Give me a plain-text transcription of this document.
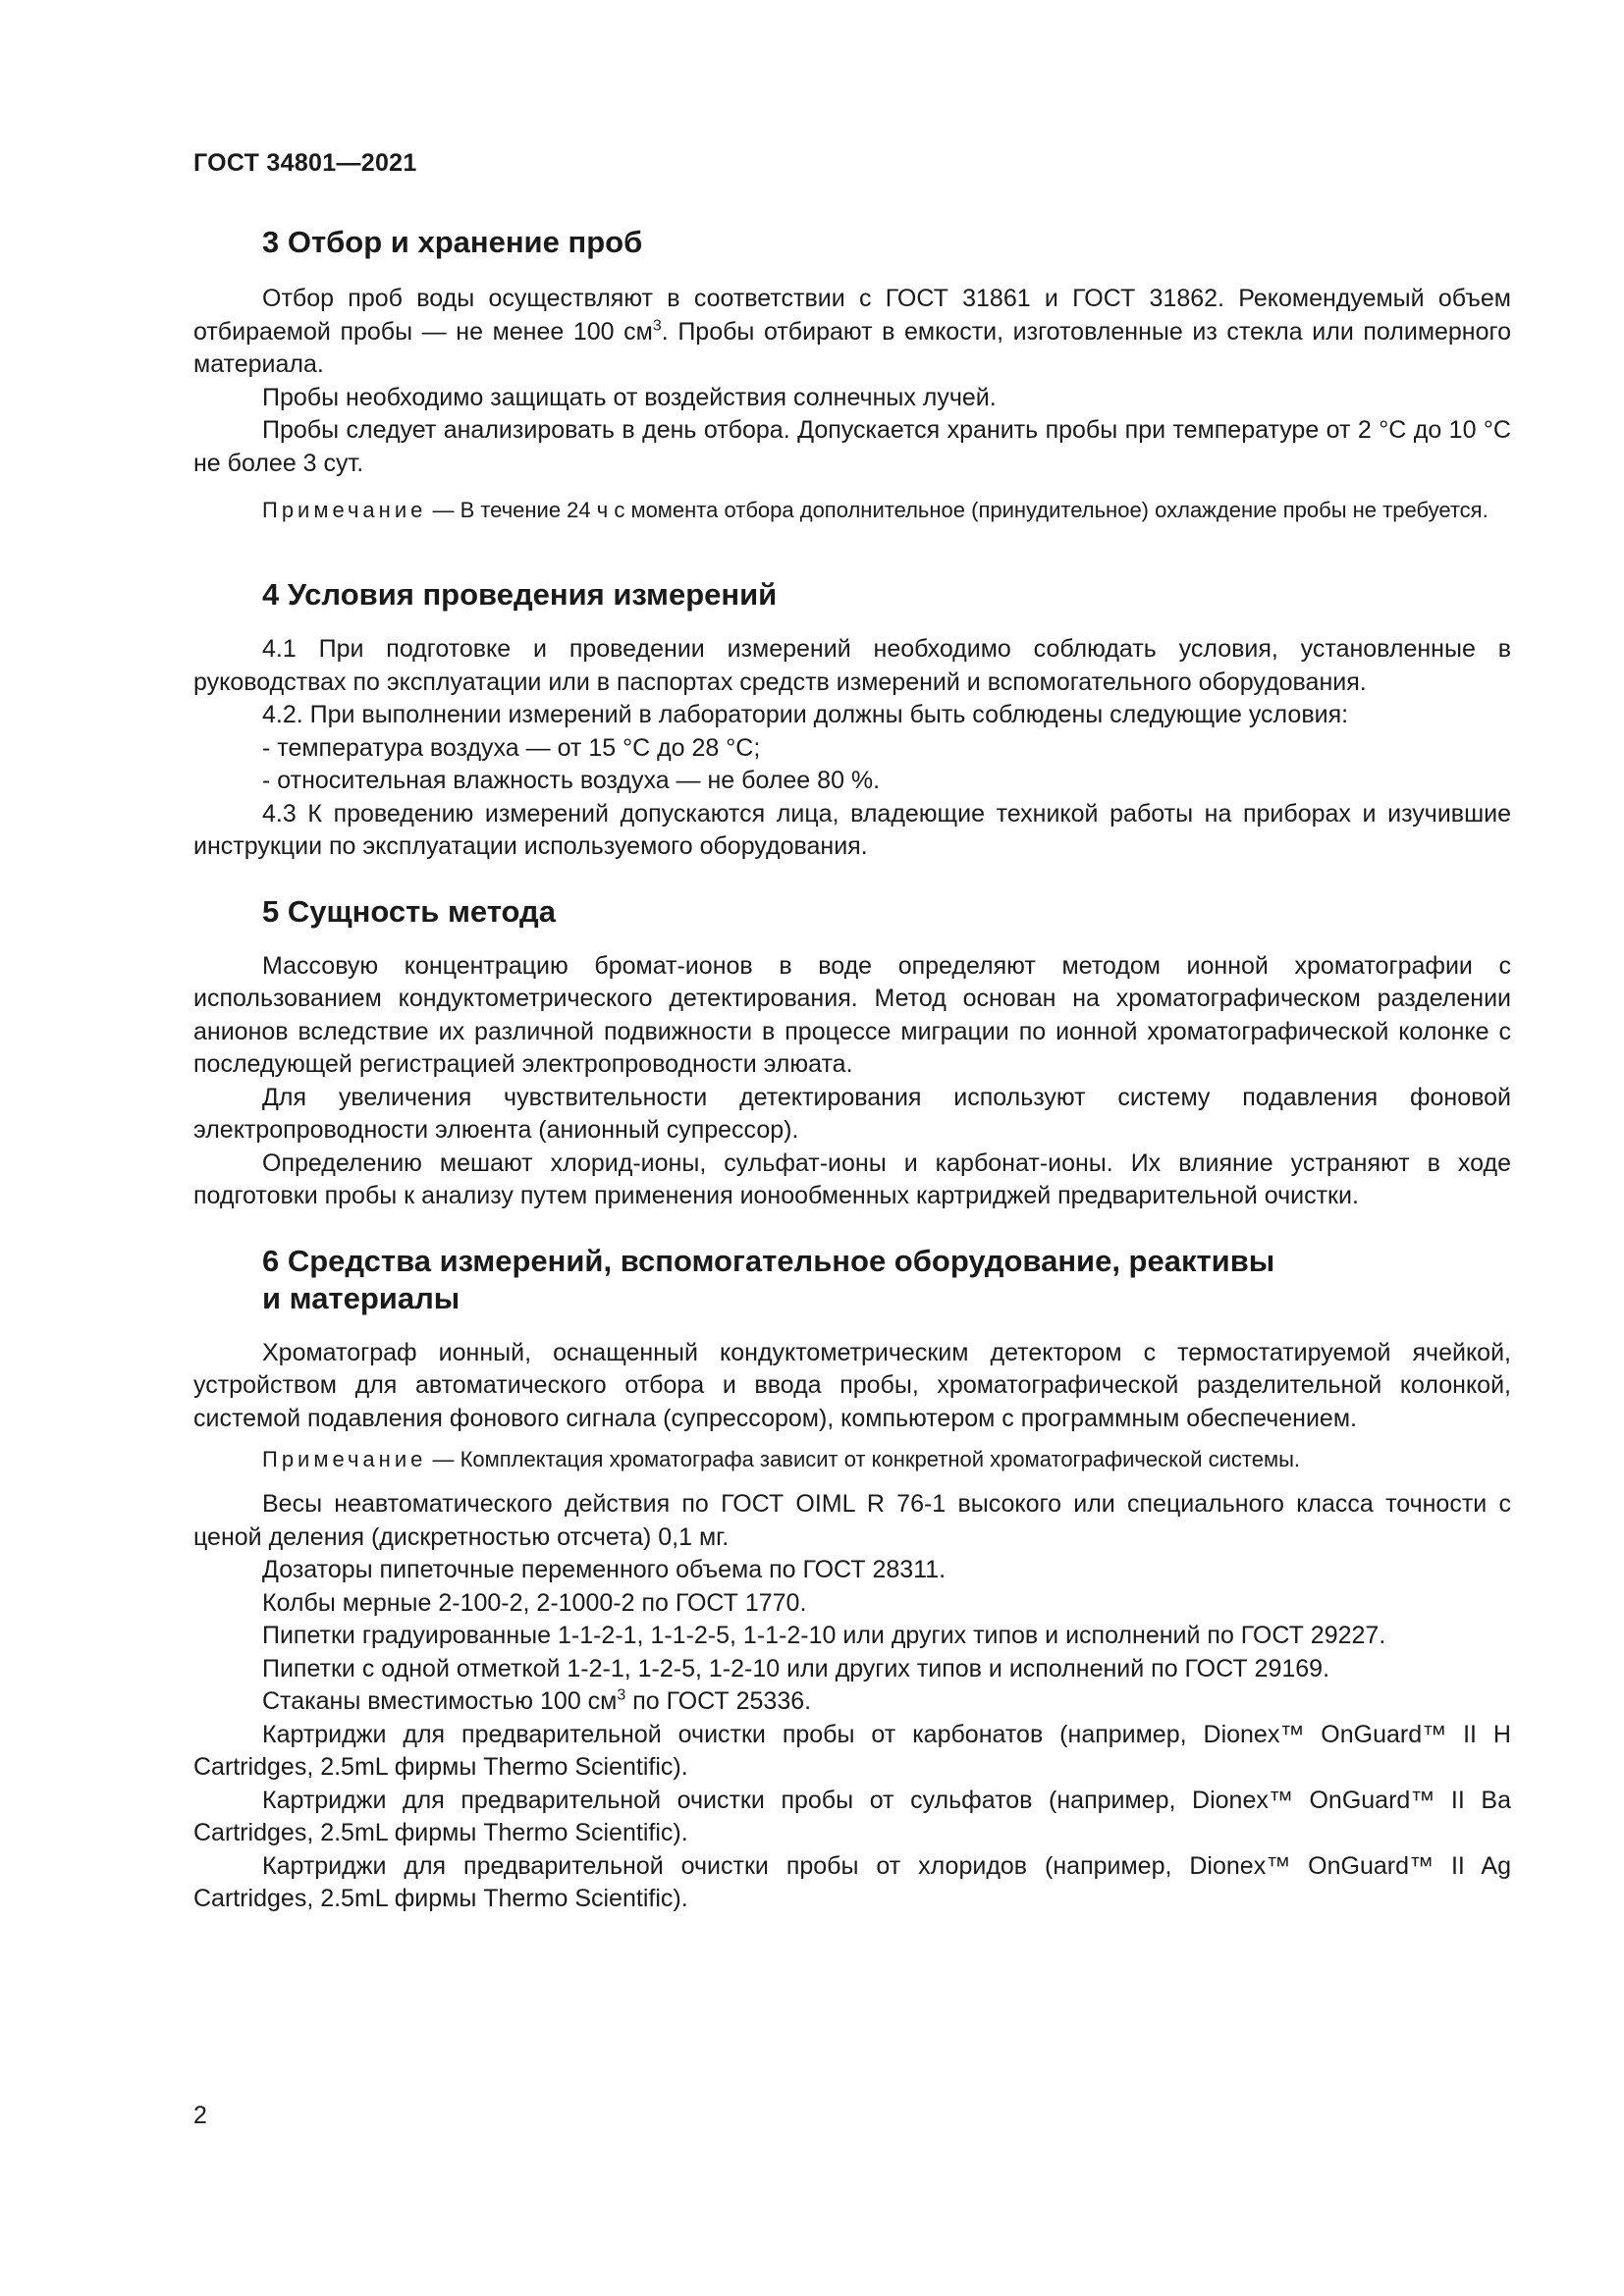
ГОСТ 34801—2021
3 Отбор и хранение проб

Отбор проб воды осуществляют в соответствии с ГОСТ 31861 и ГОСТ 31862. Рекомендуемый объем отбираемой пробы — не менее 100 $см^3$. Пробы отбирают в емкости, изготовленные из стекла или полимерного материала.

Пробы необходимо защищать от воздействия солнечных лучей.

Пробы следует анализировать в день отбора. Допускается хранить пробы при температуре от 2 °С до 10 °С не более 3 сут.

Примечание — В течение 24 ч с момента отбора дополнительное (принудительное) охлаждение пробы не требуется.

4 Условия проведения измерений

4.1 При подготовке и проведении измерений необходимо соблюдать условия, установленные в руководствах по эксплуатации или в паспортах средств измерений и вспомогательного оборудования.

4.2. При выполнении измерений в лаборатории должны быть соблюдены следующие условия:

- температура воздуха — от 15 °С до 28 °С;

- относительная влажность воздуха — не более 80 %.

4.3 К проведению измерений допускаются лица, владеющие техникой работы на приборах и изучившие инструкции по эксплуатации используемого оборудования.

5 Сущность метода

Массовую концентрацию бромат-ионов в воде определяют методом ионной хроматографии с использованием кондуктометрического детектирования. Метод основан на хроматографическом разделении анионов вследствие их различной подвижности в процессе миграции по ионной хроматографической колонке с последующей регистрацией электропроводности элюата.

Для увеличения чувствительности детектирования используют систему подавления фоновой электропроводности элюента (анионный супрессор).

Определению мешают хлорид-ионы, сульфат-ионы и карбонат-ионы. Их влияние устраняют в ходе подготовки пробы к анализу путем применения ионообменных картриджей предварительной очистки.

6 Средства измерений, вспомогательное оборудование, реактивы
и материалы

Хроматограф ионный, оснащенный кондуктометрическим детектором с термостатируемой ячейкой, устройством для автоматического отбора и ввода пробы, хроматографической разделительной колонкой, системой подавления фонового сигнала (супрессором), компьютером с программным обеспечением.

Примечание — Комплектация хроматографа зависит от конкретной хроматографической системы.

Весы неавтоматического действия по ГОСТ OIML R 76-1 высокого или специального класса точности с ценой деления (дискретностью отсчета) 0,1 мг.

Дозаторы пипеточные переменного объема по ГОСТ 28311.

Колбы мерные 2-100-2, 2-1000-2 по ГОСТ 1770.

Пипетки градуированные 1-1-2-1, 1-1-2-5, 1-1-2-10 или других типов и исполнений по ГОСТ 29227.

Пипетки с одной отметкой 1-2-1, 1-2-5, 1-2-10 или других типов и исполнений по ГОСТ 29169.

Стаканы вместимостью 100 $см^3$ по ГОСТ 25336.

Картриджи для предварительной очистки пробы от карбонатов (например, Dionex™ OnGuard™ II H Cartridges, 2.5mL фирмы Thermo Scientific).

Картриджи для предварительной очистки пробы от сульфатов (например, Dionex™ OnGuard™ II Ba Cartridges, 2.5mL фирмы Thermo Scientific).

Картриджи для предварительной очистки пробы от хлоридов (например, Dionex™ OnGuard™ II Ag Cartridges, 2.5mL фирмы Thermo Scientific).

2
